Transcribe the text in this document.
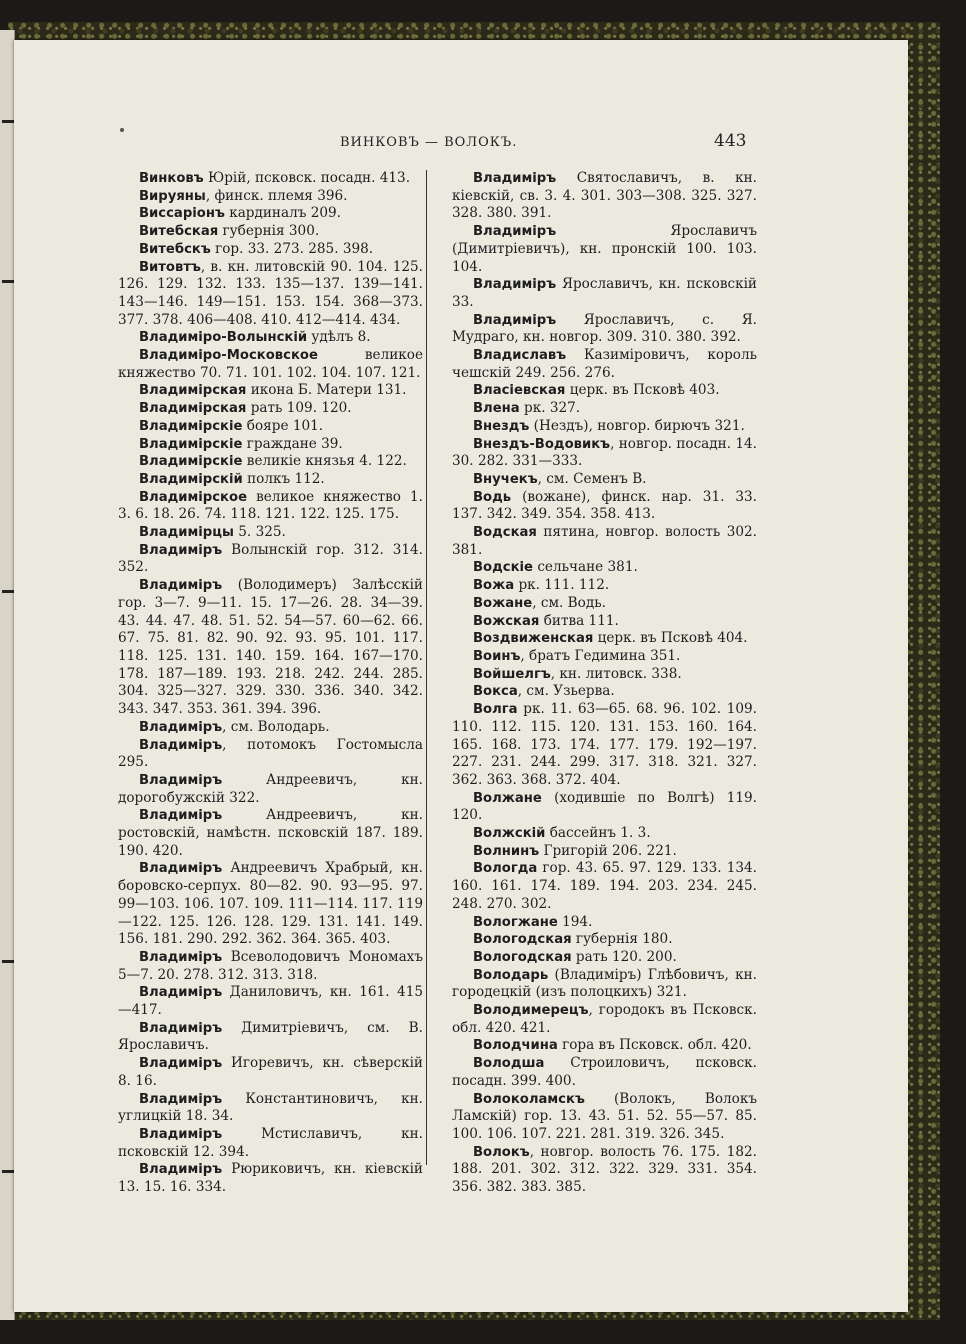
ВИНКОВЪ — ВОЛОКЪ.	443
Винковъ Юрій, псковск. посадн. 413.
Вируяны, финск. племя 396.
Виссаріонъ кардиналъ 209.
Витебская губернія 300.
Витебскъ гор. 33. 273. 285. 398.
Витовтъ, в. кн. литовскій 90. 104. 125. 126. 129. 132. 133. 135—137. 139—141. 143—146. 149—151. 153. 154. 368—373. 377. 378. 406—408. 410. 412—414. 434.
Владиміро-Волынскій удѣлъ 8.
Владиміро-Московское великое княжество 70. 71. 101. 102. 104. 107. 121.
Владимірская икона Б. Матери 131.
Владимірская рать 109. 120.
Владимірскіе бояре 101.
Владимірскіе граждане 39.
Владимірскіе великіе князья 4. 122.
Владимірскій полкъ 112.
Владимірское великое княжество 1. 3. 6. 18. 26. 74. 118. 121. 122. 125. 175.
Владимірцы 5. 325.
Владиміръ Волынскій гор. 312. 314. 352.
Владиміръ (Володимеръ) Залѣсскій гор. 3—7. 9—11. 15. 17—26. 28. 34—39. 43. 44. 47. 48. 51. 52. 54—57. 60—62. 66. 67. 75. 81. 82. 90. 92. 93. 95. 101. 117. 118. 125. 131. 140. 159. 164. 167—170. 178. 187—189. 193. 218. 242. 244. 285. 304. 325—327. 329. 330. 336. 340. 342. 343. 347. 353. 361. 394. 396.
Владиміръ, см. Володарь.
Владиміръ, потомокъ Гостомысла 295.
Владиміръ Андреевичъ, кн. дорогобужскій 322.
Владиміръ Андреевичъ, кн. ростовскій, намѣстн. псковскій 187. 189. 190. 420.
Владиміръ Андреевичъ Храбрый, кн. боровско-серпух. 80—82. 90. 93—95. 97. 99—103. 106. 107. 109. 111—114. 117. 119—122. 125. 126. 128. 129. 131. 141. 149. 156. 181. 290. 292. 362. 364. 365. 403.
Владиміръ Всеволодовичъ Мономахъ 5—7. 20. 278. 312. 313. 318.
Владиміръ Даниловичъ, кн. 161. 415—417.
Владиміръ Димитріевичъ, см. В. Ярославичъ.
Владиміръ Игоревичъ, кн. сѣверскій 8. 16.
Владиміръ Константиновичъ, кн. углицкій 18. 34.
Владиміръ Мстиславичъ, кн. псковскій 12. 394.
Владиміръ Рюриковичъ, кн. кіевскій 13. 15. 16. 334.
Владиміръ Святославичъ, в. кн. кіевскій, св. 3. 4. 301. 303—308. 325. 327. 328. 380. 391.
Владиміръ Ярославичъ (Димитріевичъ), кн. пронскій 100. 103. 104.
Владиміръ Ярославичъ, кн. псковскій 33.
Владиміръ Ярославичъ, с. Я. Мудраго, кн. новгор. 309. 310. 380. 392.
Владиславъ Казиміровичъ, король чешскій 249. 256. 276.
Власіевская церк. въ Псковѣ 403.
Влена рк. 327.
Внездъ (Нездъ), новгор. бирючъ 321.
Внездъ-Водовикъ, новгор. посадн. 14. 30. 282. 331—333.
Внучекъ, см. Семенъ В.
Водь (вожане), финск. нар. 31. 33. 137. 342. 349. 354. 358. 413.
Водская пятина, новгор. волость 302. 381.
Водскіе сельчане 381.
Вожа рк. 111. 112.
Вожане, см. Водь.
Вожская битва 111.
Воздвиженская церк. въ Псковѣ 404.
Воинъ, братъ Гедимина 351.
Войшелгъ, кн. литовск. 338.
Вокса, см. Узьерва.
Волга рк. 11. 63—65. 68. 96. 102. 109. 110. 112. 115. 120. 131. 153. 160. 164. 165. 168. 173. 174. 177. 179. 192—197. 227. 231. 244. 299. 317. 318. 321. 327. 362. 363. 368. 372. 404.
Волжане (ходившіе по Волгѣ) 119. 120.
Волжскій бассейнъ 1. 3.
Волнинъ Григорій 206. 221.
Вологда гор. 43. 65. 97. 129. 133. 134. 160. 161. 174. 189. 194. 203. 234. 245. 248. 270. 302.
Вологжане 194.
Вологодская губернія 180.
Вологодская рать 120. 200.
Володарь (Владиміръ) Глѣбовичъ, кн. городецкій (изъ полоцкихъ) 321.
Володимерецъ, городокъ въ Псковск. обл. 420. 421.
Володчина гора въ Псковск. обл. 420.
Володша Строиловичъ, псковск. посадн. 399. 400.
Волоколамскъ (Волокъ, Волокъ Ламскій) гор. 13. 43. 51. 52. 55—57. 85. 100. 106. 107. 221. 281. 319. 326. 345.
Волокъ, новгор. волость 76. 175. 182. 188. 201. 302. 312. 322. 329. 331. 354. 356. 382. 383. 385.
